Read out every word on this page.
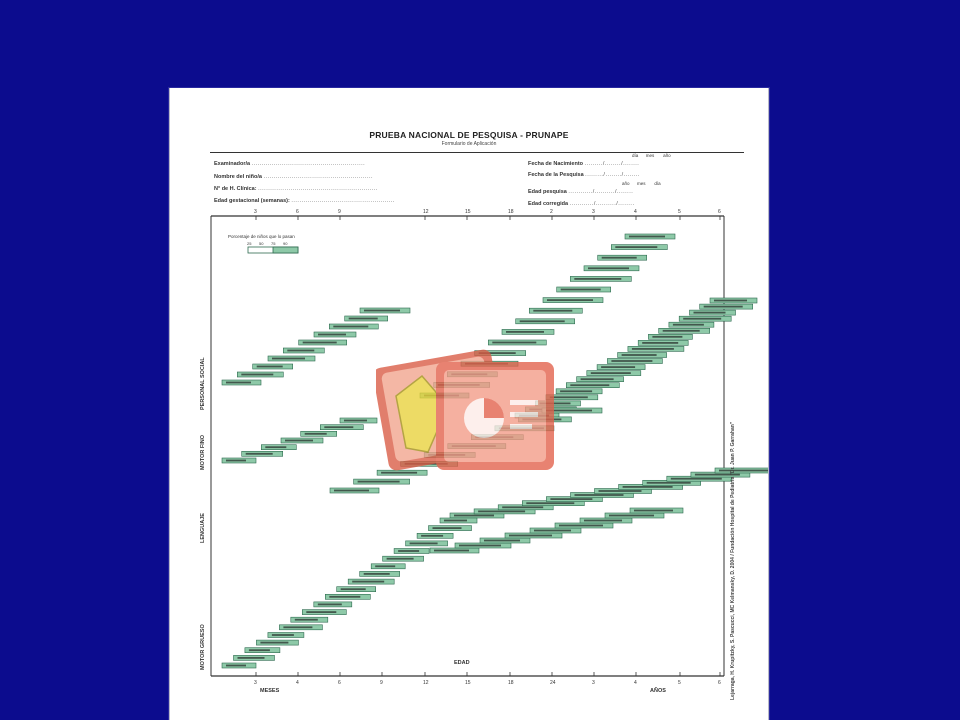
PRUEBA NACIONAL DE PESQUISA - PRUNAPE
Formulario de Aplicación
Examinador/a ........................................................
Nombre del niño/a ......................................................
N° de H. Clínica: ...........................................................
Edad gestacional (semanas): ...................................................
día mes año
Fecha de Nacimiento ........./......../........
Fecha de la Pesquisa ........./......../........
año mes día
Edad pesquisa ............/........../........
Edad corregida ............/........../........
3	6	9	12	15	18	2	3	4	5	6
3	4	6	9	12	15	18	24	3	4	5	6
Porcentaje de niños que lo pasan
25 50 75 90
PERSONAL SOCIAL
MOTOR FINO
LENGUAJE
MOTOR GRUESO	EDAD
MESES	AÑOS	Lejarraga, H. Krupitzky, S. Pascucci, MC Kelmansky, D. 2004 / Fundación Hospital de Pediatría "Dr. Juan P. Garrahan"
